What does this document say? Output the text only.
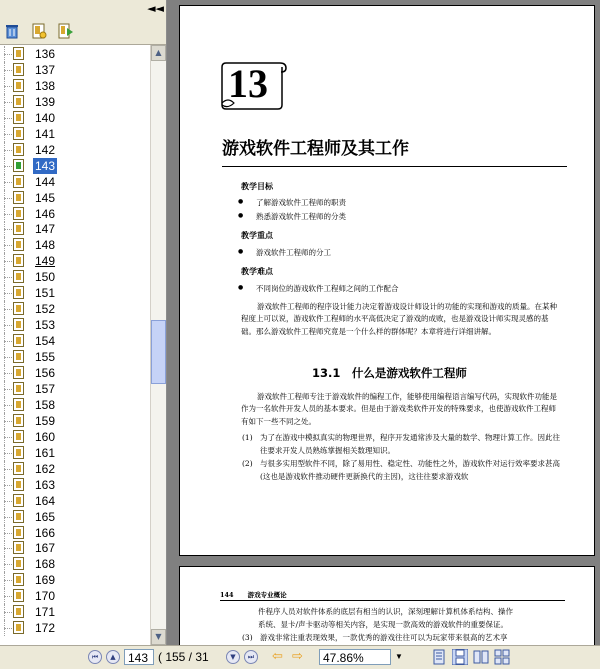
◄◄
136
137
138
139
140
141
142
143
144
145
146
147
148
149
150
151
152
153
154
155
156
157
158
159
160
161
162
163
164
165
166
167
168
169
170
171
172
▲
▼
13
游戏软件工程师及其工作
教学目标
了解游戏软件工程师的职责
熟悉游戏软件工程师的分类
教学重点
游戏软件工程师的分工
教学难点
不同岗位的游戏软件工程师之间的工作配合
游戏软件工程师的程序设计能力决定着游戏设计师设计的功能的实现和游戏的质量。在某种程度上可以说，游戏软件工程师的水平高低决定了游戏的成败，也是游戏设计师实现灵感的基础。那么游戏软件工程师究竟是一个什么样的群体呢？本章将进行详细讲解。
13.1　什么是游戏软件工程师
游戏软件工程师专注于游戏软件的编程工作，能够使用编程语言编写代码，实现软件功能是作为一名软件开发人员的基本要求。但是由于游戏类软件开发的特殊要求，也使游戏软件工程师有如下一些不同之处。
(1) 为了在游戏中模拟真实的物理世界，程序开发通常涉及大量的数学、物理计算工作。因此往往要求开发人员熟练掌握相关数理知识。
(2) 与很多实用型软件不同，除了易用性、稳定性、功能性之外，游戏软件对运行效率要求甚高(这也是游戏软件推动硬件更新换代的主因)，这往往要求游戏软
144 游戏专业概论
件程序人员对软件体系的底层有相当的认识，深刻理解计算机体系结构、操作
系统、显卡/声卡驱动等相关内容，是实现一款高效的游戏软件的重要保证。
(3) 游戏非常注重表现效果，一款优秀的游戏往往可以为玩家带来很高的艺术享
⏮	▲	143 ( 155 / 31	▼	⏭ ⇦ ⇨	47.86%	▼
